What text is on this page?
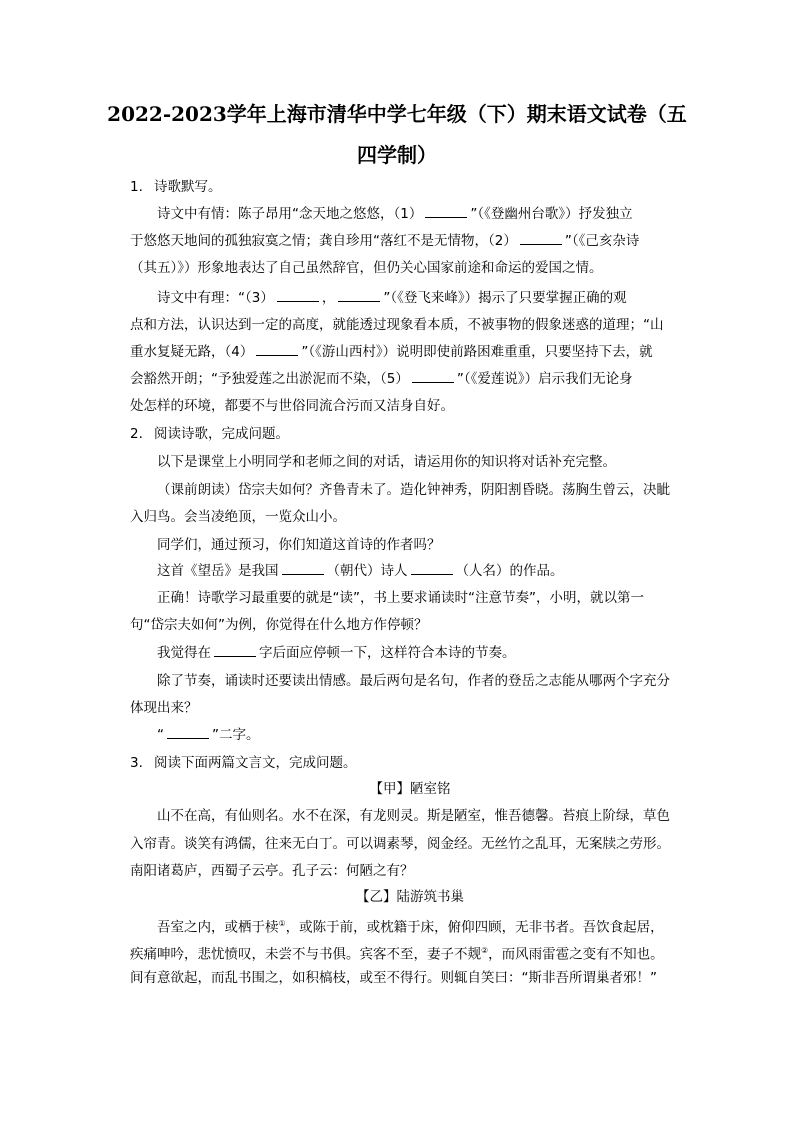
2022-2023学年上海市清华中学七年级（下）期末语文试卷（五
四学制）
1. 诗歌默写。
诗文中有情：陈子昂用“念天地之悠悠，（1）	”（《登幽州台歌》）抒发独立
于悠悠天地间的孤独寂寞之情；龚自珍用“落红不是无情物，（2）	”（《己亥杂诗
（其五）》）形象地表达了自己虽然辞官，但仍关心国家前途和命运的爱国之情。
诗文中有理：“（3）	，	”（《登飞来峰》）揭示了只要掌握正确的观
点和方法，认识达到一定的高度，就能透过现象看本质，不被事物的假象迷惑的道理；“山
重水复疑无路，（4）	”（《游山西村》）说明即使前路困难重重，只要坚持下去，就
会豁然开朗；“予独爱莲之出淤泥而不染，（5）	”（《爱莲说》）启示我们无论身
处怎样的环境，都要不与世俗同流合污而又洁身自好。
2. 阅读诗歌，完成问题。
以下是课堂上小明同学和老师之间的对话，请运用你的知识将对话补充完整。
（课前朗读）岱宗夫如何？齐鲁青未了。造化钟神秀，阴阳割昏晓。荡胸生曾云，决眦
入归鸟。会当凌绝顶，一览众山小。
同学们，通过预习，你们知道这首诗的作者吗？
这首《望岳》是我国	（朝代）诗人	（人名）的作品。
正确！诗歌学习最重要的就是“读”，书上要求诵读时“注意节奏”，小明，就以第一
句“岱宗夫如何”为例，你觉得在什么地方作停顿？
我觉得在	字后面应停顿一下，这样符合本诗的节奏。
除了节奏，诵读时还要读出情感。最后两句是名句，作者的登岳之志能从哪两个字充分
体现出来？
“	”二字。
3. 阅读下面两篇文言文，完成问题。
【甲】陋室铭
山不在高，有仙则名。水不在深，有龙则灵。斯是陋室，惟吾德馨。苔痕上阶绿，草色
入帘青。谈笑有鸿儒，往来无白丁。可以调素琴，阅金经。无丝竹之乱耳，无案牍之劳形。
南阳诸葛庐，西蜀子云亭。孔子云：何陋之有？
【乙】陆游筑书巢
吾室之内，或栖于椟①，或陈于前，或枕籍于床，俯仰四顾，无非书者。吾饮食起居，
疾痛呻吟，悲忧愤叹，未尝不与书俱。宾客不至，妻子不觌②，而风雨雷雹之变有不知也。
间有意欲起，而乱书围之，如积槁枝，或至不得行。则辄自笑曰：“斯非吾所谓巢者邪！”
